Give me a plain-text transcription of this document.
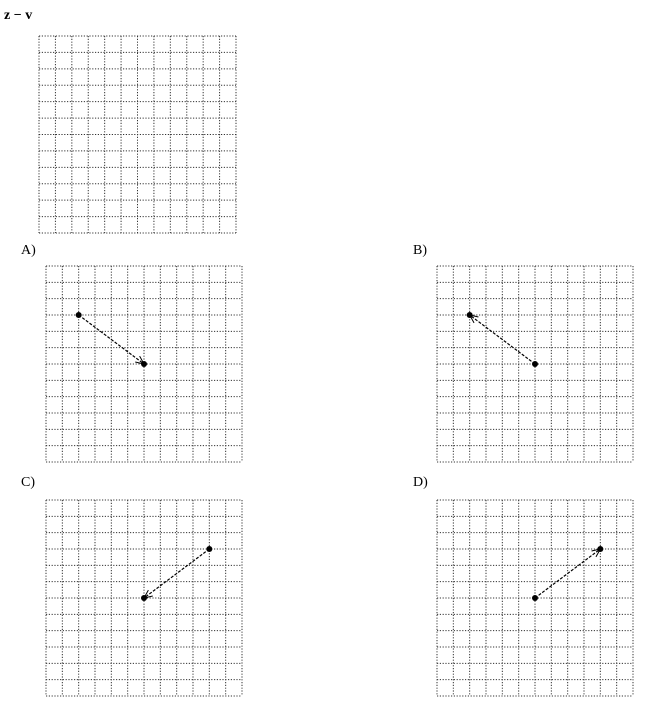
z − v
A)	B)
C)	D)
